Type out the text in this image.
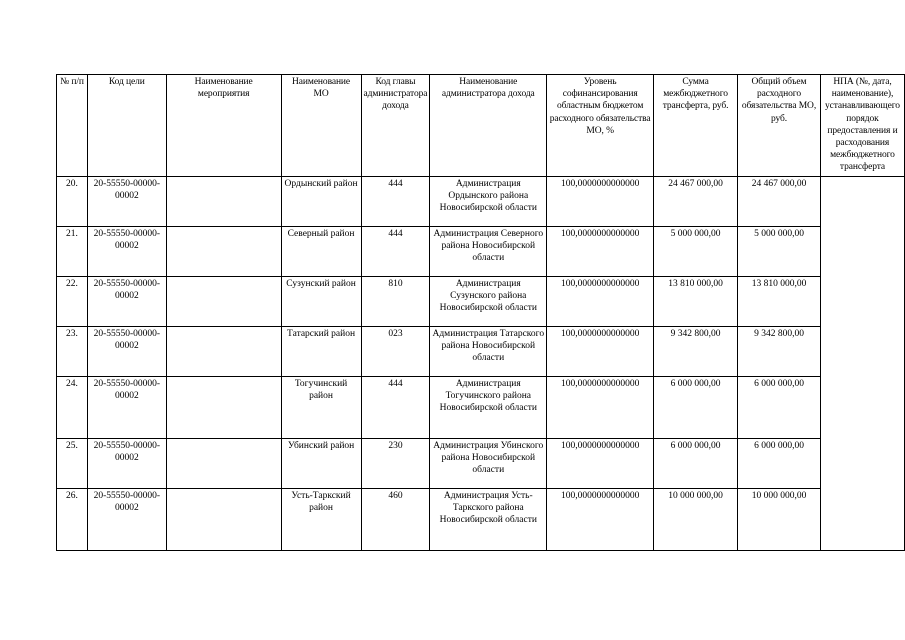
№ п/п	Код цели	Наименование мероприятия	Наименование МО	Код главы администратора дохода	Наименование администратора дохода	Уровень софинансирования областным бюджетом расходного обязательства МО, %	Сумма межбюджетного трансферта, руб.	Общий объем расходного обязательства МО, руб.	НПА (№, дата, наименование), устанавливающего порядок предоставления и расходования межбюджетного трансферта
20.	20-55550-00000-00002		Ордынский район	444	Администрация Ордынского района Новосибирской области	100,0000000000000	24 467 000,00	24 467 000,00	
21.	20-55550-00000-00002		Северный район	444	Администрация Северного района Новосибирской области	100,0000000000000	5 000 000,00	5 000 000,00	
22.	20-55550-00000-00002		Сузунский район	810	Администрация Сузунского района Новосибирской области	100,0000000000000	13 810 000,00	13 810 000,00	
23.	20-55550-00000-00002		Татарский район	023	Администрация Татарского района Новосибирской области	100,0000000000000	9 342 800,00	9 342 800,00	
24.	20-55550-00000-00002		Тогучинский район	444	Администрация Тогучинского района Новосибирской области	100,0000000000000	6 000 000,00	6 000 000,00	
25.	20-55550-00000-00002		Убинский район	230	Администрация Убинского района Новосибирской области	100,0000000000000	6 000 000,00	6 000 000,00	
26.	20-55550-00000-00002		Усть-Таркский район	460	Администрация Усть-Таркского района Новосибирской области	100,0000000000000	10 000 000,00	10 000 000,00	
